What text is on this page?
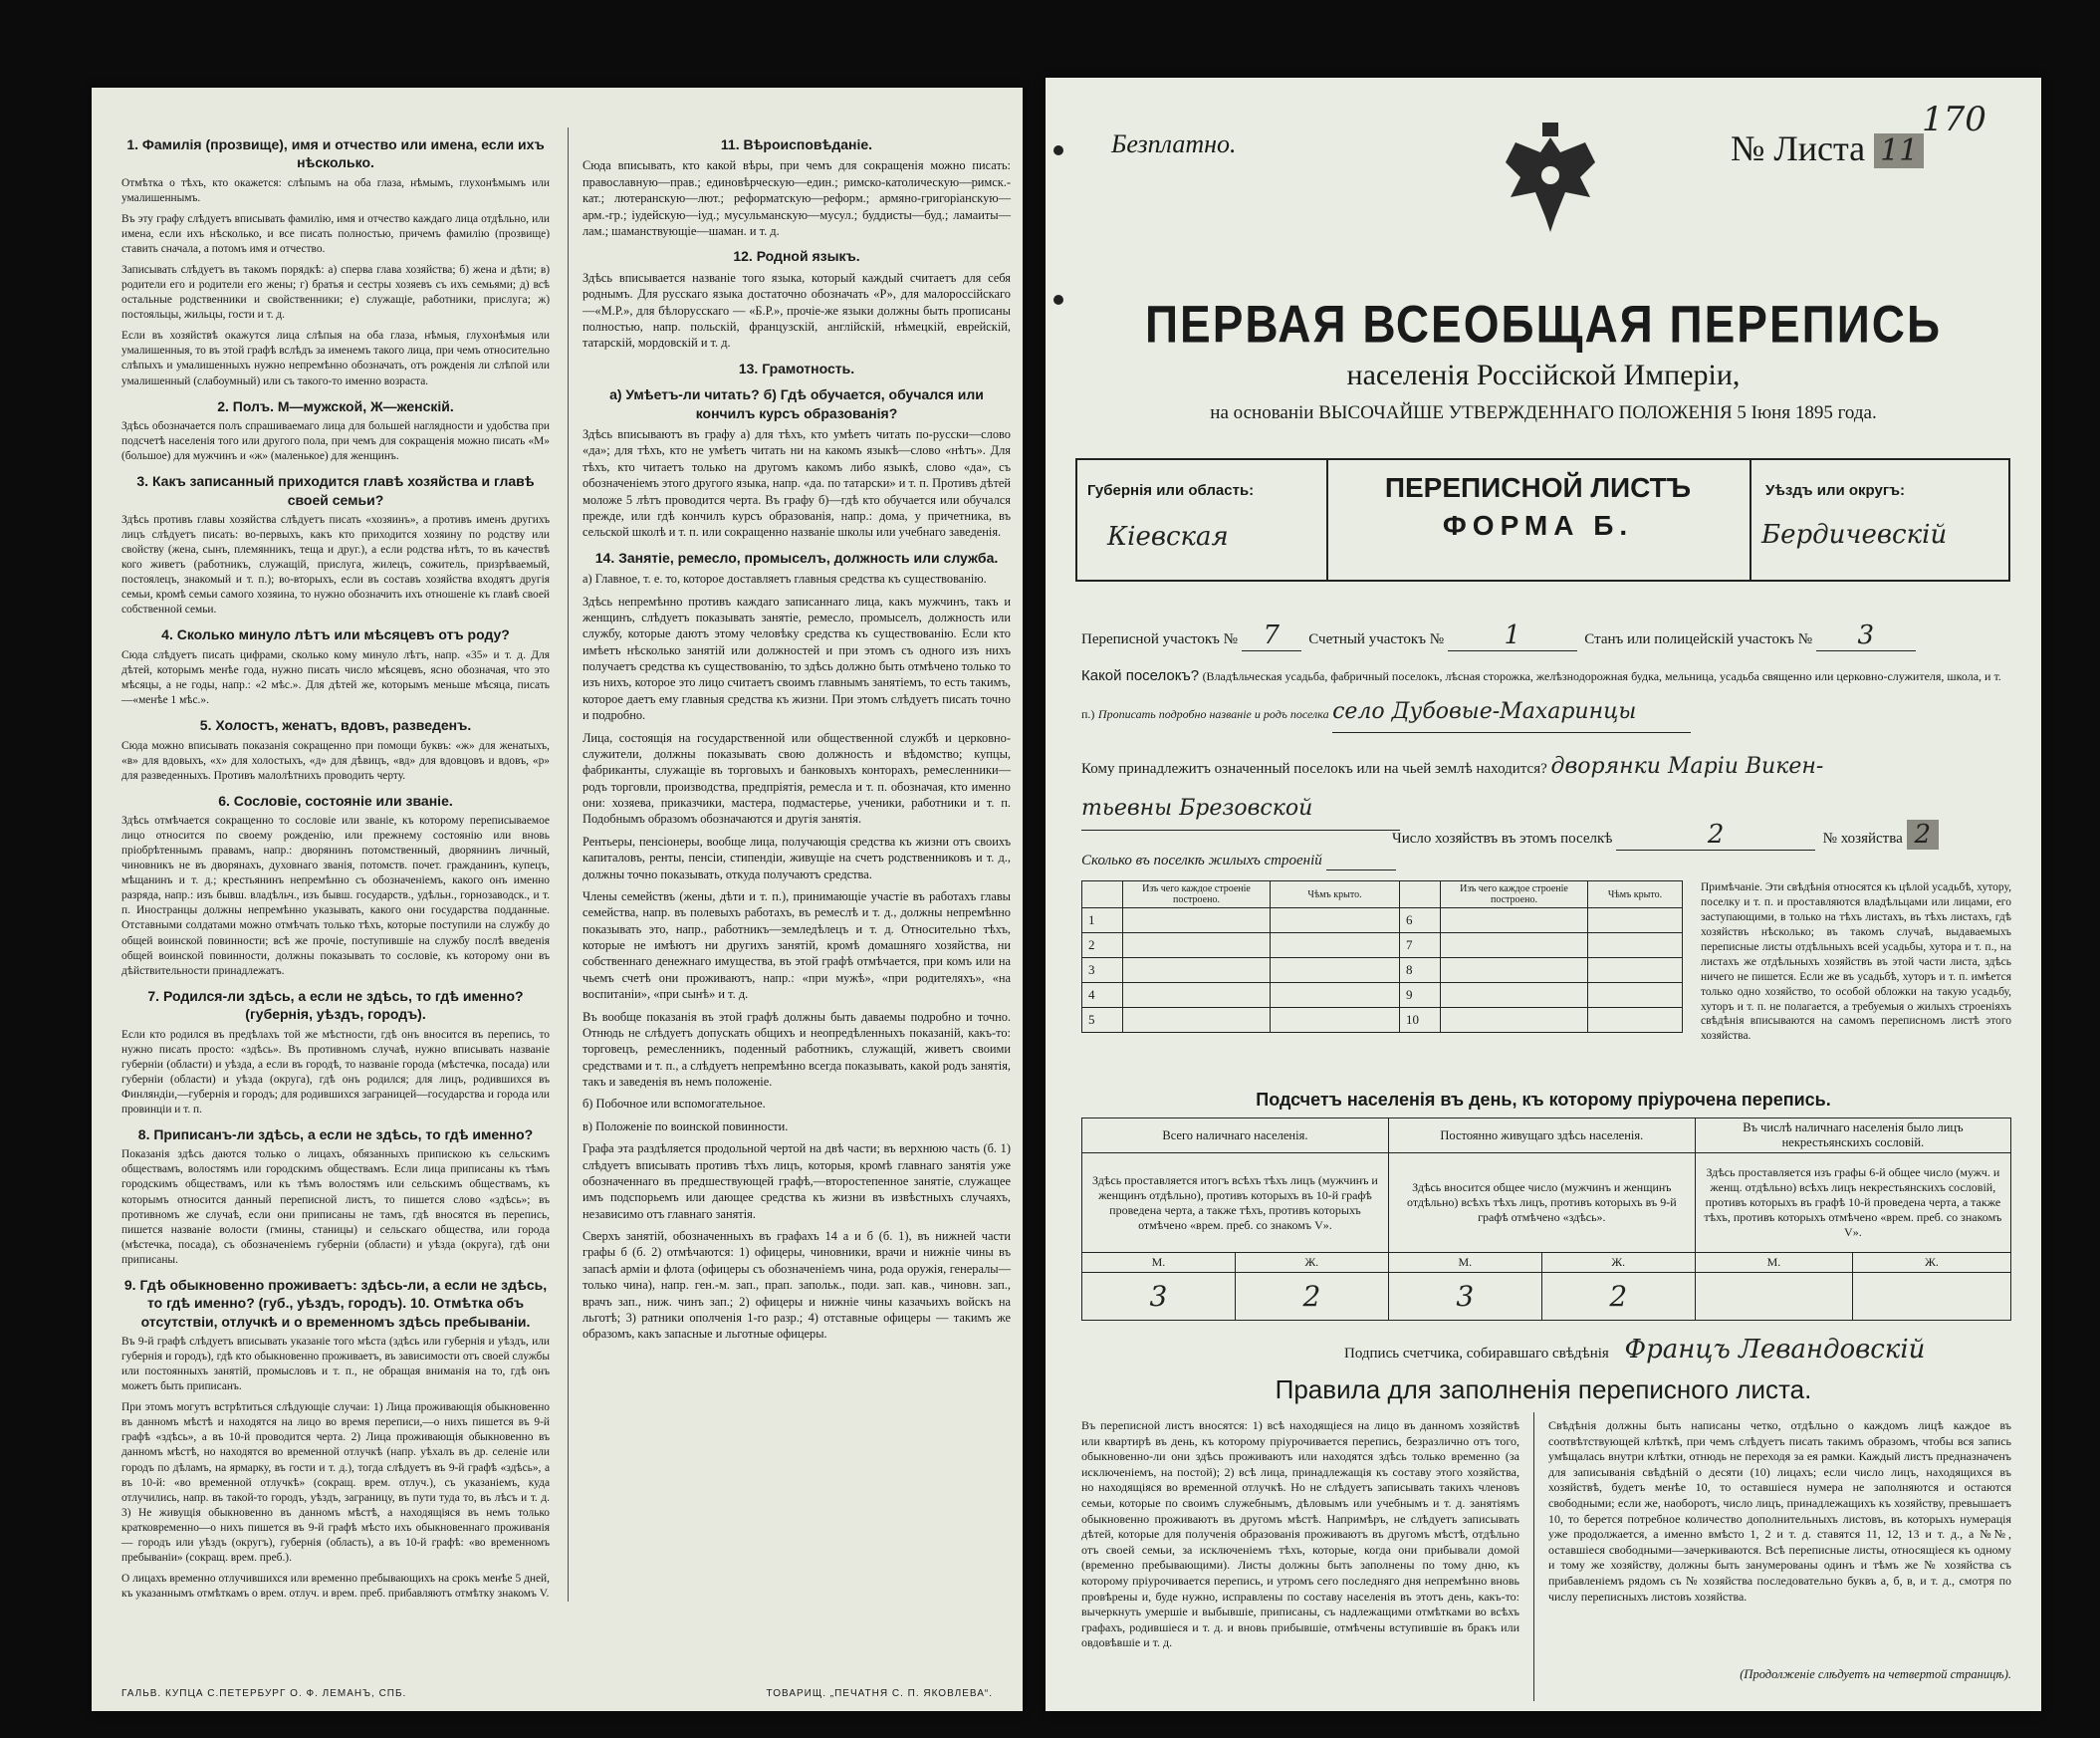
1. Фамилія (прозвище), имя и отчество или имена, если ихъ нѣсколько.

Отмѣтка о тѣхъ, кто окажется: слѣпымъ на оба глаза, нѣмымъ, глухонѣмымъ или умалишеннымъ.

Въ эту графу слѣдуетъ вписывать фамилію, имя и отчество каждаго лица отдѣльно, или имена, если ихъ нѣсколько, и все писать полностью, причемъ фамилію (прозвище) ставить сначала, а потомъ имя и отчество.

Записывать слѣдуетъ въ такомъ порядкѣ: а) сперва глава хозяйства; б) жена и дѣти; в) родители его и родители его жены; г) братья и сестры хозяевъ съ ихъ семьями; д) всѣ остальные родственники и свойственники; е) служащіе, работники, прислуга; ж) постояльцы, жильцы, гости и т. д.

Если въ хозяйствѣ окажутся лица слѣпыя на оба глаза, нѣмыя, глухонѣмыя или умалишенныя, то въ этой графѣ вслѣдъ за именемъ такого лица, при чемъ относительно слѣпыхъ и умалишенныхъ нужно непремѣнно обозначать, отъ рожденія ли слѣпой или умалишенный (слабоумный) или съ такого-то именно возраста.

2. Полъ. М—мужской, Ж—женскій.

Здѣсь обозначается полъ спрашиваемаго лица для большей наглядности и удобства при подсчетѣ населенія того или другого пола, при чемъ для сокращенія можно писать «М» (большое) для мужчинъ и «ж» (маленькое) для женщинъ.

3. Какъ записанный приходится главѣ хозяйства и главѣ своей семьи?

Здѣсь противъ главы хозяйства слѣдуетъ писать «хозяинъ», а противъ именъ другихъ лицъ слѣдуетъ писать: во-первыхъ, какъ кто приходится хозяину по родству или свойству (жена, сынъ, племянникъ, теща и друг.), а если родства нѣтъ, то въ качествѣ кого живетъ (работникъ, служащій, прислуга, жилецъ, сожитель, призрѣваемый, постоялецъ, знакомый и т. п.); во-вторыхъ, если въ составъ хозяйства входятъ другія семьи, кромѣ семьи самого хозяина, то нужно обозначить ихъ отношеніе къ главѣ своей собственной семьи.

4. Сколько минуло лѣтъ или мѣсяцевъ отъ роду?

Сюда слѣдуетъ писать цифрами, сколько кому минуло лѣтъ, напр. «35» и т. д. Для дѣтей, которымъ менѣе года, нужно писать число мѣсяцевъ, ясно обозначая, что это мѣсяцы, а не годы, напр.: «2 мѣс.». Для дѣтей же, которымъ меньше мѣсяца, писать—«менѣе 1 мѣс.».

5. Холостъ, женатъ, вдовъ, разведенъ.

Сюда можно вписывать показанія сокращенно при помощи буквъ: «ж» для женатыхъ, «в» для вдовыхъ, «х» для холостыхъ, «д» для дѣвицъ, «вд» для вдовцовъ и вдовъ, «р» для разведенныхъ. Противъ малолѣтнихъ проводить черту.

6. Сословіе, состояніе или званіе.

Здѣсь отмѣчается сокращенно то сословіе или званіе, къ которому переписываемое лицо относится по своему рожденію, или прежнему состоянію или вновь пріобрѣтеннымъ правамъ, напр.: дворянинъ потомственный, дворянинъ личный, чиновникъ не въ дворянахъ, духовнаго званія, потомств. почет. гражданинъ, купецъ, мѣщанинъ и т. д.; крестьянинъ непремѣнно съ обозначеніемъ, какого онъ именно разряда, напр.: изъ бывш. владѣльч., изъ бывш. государств., удѣльн., горнозаводск., и т. п. Иностранцы должны непремѣнно указывать, какого они государства подданные. Отставными солдатами можно отмѣчать только тѣхъ, которые поступили на службу до общей воинской повинности; всѣ же прочіе, поступившіе на службу послѣ введенія общей воинской повинности, должны показывать то сословіе, къ которому они въ дѣйствительности принадлежатъ.

7. Родился-ли здѣсь, а если не здѣсь, то гдѣ именно? (губернія, уѣздъ, городъ).

Если кто родился въ предѣлахъ той же мѣстности, гдѣ онъ вносится въ перепись, то нужно писать просто: «здѣсь». Въ противномъ случаѣ, нужно вписывать названіе губерніи (области) и уѣзда, а если въ городѣ, то названіе города (мѣстечка, посада) или губерніи (области) и уѣзда (округа), гдѣ онъ родился; для лицъ, родившихся въ Финляндіи,—губернія и городъ; для родившихся заграницей—государства и города или провинціи и т. п.

8. Приписанъ-ли здѣсь, а если не здѣсь, то гдѣ именно?

Показанія здѣсь даются только о лицахъ, обязанныхъ припискою къ сельскимъ обществамъ, волостямъ или городскимъ обществамъ. Если лица приписаны къ тѣмъ городскимъ обществамъ, или къ тѣмъ волостямъ или сельскимъ обществамъ, къ которымъ относится данный переписной листъ, то пишется слово «здѣсь»; въ противномъ же случаѣ, если они приписаны не тамъ, гдѣ вносятся въ перепись, пишется названіе волости (гмины, станицы) и сельскаго общества, или города (мѣстечка, посада), съ обозначеніемъ губерніи (области) и уѣзда (округа), гдѣ они приписаны.

9. Гдѣ обыкновенно проживаетъ: здѣсь-ли, а если не здѣсь, то гдѣ именно? (губ., уѣздъ, городъ). 10. Отмѣтка объ отсутствіи, отлучкѣ и о временномъ здѣсь пребываніи.

Въ 9-й графѣ слѣдуетъ вписывать указаніе того мѣста (здѣсь или губернія и уѣздъ, или губернія и городъ), гдѣ кто обыкновенно проживаетъ, въ зависимости отъ своей службы или постоянныхъ занятій, промысловъ и т. п., не обращая вниманія на то, гдѣ онъ можетъ быть приписанъ.

При этомъ могутъ встрѣтиться слѣдующіе случаи: 1) Лица проживающія обыкновенно въ данномъ мѣстѣ и находятся на лицо во время переписи,—о нихъ пишется въ 9-й графѣ «здѣсь», а въ 10-й проводится черта. 2) Лица проживающія обыкновенно въ данномъ мѣстѣ, но находятся во временной отлучкѣ (напр. уѣхалъ въ др. селеніе или городъ по дѣламъ, на ярмарку, въ гости и т. д.), тогда слѣдуетъ въ 9-й графѣ «здѣсь», а въ 10-й: «во временной отлучкѣ» (сокращ. врем. отлуч.), съ указаніемъ, куда отлучились, напр. въ такой-то городъ, уѣздъ, заграницу, въ пути туда то, въ лѣсъ и т. д. 3) Не живущія обыкновенно въ данномъ мѣстѣ, а находящіяся въ немъ только кратковременно—о нихъ пишется въ 9-й графѣ мѣсто ихъ обыкновеннаго проживанія — городъ или уѣздъ (округъ), губернія (область), а въ 10-й графѣ: «во временномъ пребываніи» (сокращ. врем. преб.).

О лицахъ временно отлучившихся или временно пребывающихъ на срокъ менѣе 5 дней, къ указаннымъ отмѣткамъ о врем. отлуч. и врем. преб. прибавляютъ отмѣтку знакомъ V.

11. Вѣроисповѣданіе.

Сюда вписывать, кто какой вѣры, при чемъ для сокращенія можно писать: православную—прав.; единовѣрческую—един.; римско-католическую—римск.-кат.; лютеранскую—лют.; реформатскую—реформ.; армяно-григоріанскую—арм.-гр.; іудейскую—іуд.; мусульманскую—мусул.; буддисты—буд.; ламаиты—лам.; шаманствующіе—шаман. и т. д.

12. Родной языкъ.

Здѣсь вписывается названіе того языка, который каждый считаетъ для себя роднымъ. Для русскаго языка достаточно обозначать «Р», для малороссійскаго—«М.Р.», для бѣлорусскаго — «Б.Р.», прочіе-же языки должны быть прописаны полностью, напр. польскій, французскій, англійскій, нѣмецкій, еврейскій, татарскій, мордовскій и т. д.

13. Грамотность.
а) Умѣетъ-ли читать? б) Гдѣ обучается, обучался или кончилъ курсъ образованія?

Здѣсь вписываютъ въ графу а) для тѣхъ, кто умѣетъ читать по-русски—слово «да»; для тѣхъ, кто не умѣетъ читать ни на какомъ языкѣ—слово «нѣтъ». Для тѣхъ, кто читаетъ только на другомъ какомъ либо языкѣ, слово «да», съ обозначеніемъ этого другого языка, напр. «да. по татарски» и т. п. Противъ дѣтей моложе 5 лѣтъ проводится черта. Въ графу б)—гдѣ кто обучается или обучался прежде, или гдѣ кончилъ курсъ образованія, напр.: дома, у причетника, въ сельской школѣ и т. п. или сокращенно названіе школы или учебнаго заведенія.

14. Занятіе, ремесло, промыселъ, должность или служба.

а) Главное, т. е. то, которое доставляетъ главныя средства къ существованію.

Здѣсь непремѣнно противъ каждаго записаннаго лица, какъ мужчинъ, такъ и женщинъ, слѣдуетъ показывать занятіе, ремесло, промыселъ, должность или службу, которые даютъ этому человѣку средства къ существованію. Если кто имѣетъ нѣсколько занятій или должностей и при этомъ съ одного изъ нихъ получаетъ средства къ существованію, то здѣсь должно быть отмѣчено только то изъ нихъ, которое это лицо считаетъ своимъ главнымъ занятіемъ, то есть такимъ, которое даетъ ему главныя средства къ жизни. При этомъ слѣдуетъ писать точно и подробно.

Лица, состоящія на государственной или общественной службѣ и церковно-служители, должны показывать свою должность и вѣдомство; купцы, фабриканты, служащіе въ торговыхъ и банковыхъ конторахъ, ремесленники—родъ торговли, производства, предпріятія, ремесла и т. п. обозначая, кто именно они: хозяева, приказчики, мастера, подмастерье, ученики, работники и т. п. Подобнымъ образомъ обозначаются и другія занятія.

Рентьеры, пенсіонеры, вообще лица, получающія средства къ жизни отъ своихъ капиталовъ, ренты, пенсіи, стипендіи, живущіе на счетъ родственниковъ и т. д., должны точно показывать, откуда получаютъ средства.

Члены семействъ (жены, дѣти и т. п.), принимающіе участіе въ работахъ главы семейства, напр. въ полевыхъ работахъ, въ ремеслѣ и т. д., должны непремѣнно показывать это, напр., работникъ—земледѣлецъ и т. д. Относительно тѣхъ, которые не имѣютъ ни другихъ занятій, кромѣ домашняго хозяйства, ни собственнаго денежнаго имущества, въ этой графѣ отмѣчается, при комъ или на чьемъ счетѣ они проживаютъ, напр.: «при мужѣ», «при родителяхъ», «на воспитаніи», «при сынѣ» и т. д.

Въ вообще показанія въ этой графѣ должны быть даваемы подробно и точно. Отнюдь не слѣдуетъ допускать общихъ и неопредѣленныхъ показаній, какъ-то: торговецъ, ремесленникъ, поденный работникъ, служащій, живетъ своими средствами и т. п., а слѣдуетъ непремѣнно всегда показывать, какой родъ занятія, такъ и заведенія въ немъ положеніе.

б) Побочное или вспомогательное.

в) Положеніе по воинской повинности.

Графа эта раздѣляется продольной чертой на двѣ части; въ верхнюю часть (б. 1) слѣдуетъ вписывать противъ тѣхъ лицъ, которыя, кромѣ главнаго занятія уже обозначеннаго въ предшествующей графѣ,—второстепенное занятіе, служащее имъ подспорьемъ или дающее средства къ жизни въ извѣстныхъ случаяхъ, независимо отъ главнаго занятія.

Сверхъ занятій, обозначенныхъ въ графахъ 14 а и б (б. 1), въ нижней части графы б (б. 2) отмѣчаются: 1) офицеры, чиновники, врачи и нижніе чины въ запасѣ арміи и флота (офицеры съ обозначеніемъ чина, рода оружія, генералы—только чина), напр. ген.-м. зап., прап. запольк., поди. зап. кав., чиновн. зап., врачъ зап., ниж. чинъ зап.; 2) офицеры и нижніе чины казачьихъ войскъ на льготѣ; 3) ратники ополченія 1-го разр.; 4) отставные офицеры — такимъ же образомъ, какъ запасные и льготные офицеры.

ГАЛЬВ. КУПЦА С.ПЕТЕРБУРГ О. Ф. ЛЕМАНЪ, СПБ.	ТОВАРИЩ. „ПЕЧАТНЯ С. П. ЯКОВЛЕВА“.
Безплатно.	№ Листа 11
170
ПЕРВАЯ ВСЕОБЩАЯ ПЕРЕПИСЬ
населенія Россійской Имперіи,
на основаніи ВЫСОЧАЙШЕ УТВЕРЖДЕННАГО ПОЛОЖЕНІЯ 5 Іюня 1895 года.
Губернія или область:
Кiевская
ПЕРЕПИСНОЙ ЛИСТЪ
ФОРМА Б.
Уѣздъ или округъ:
Бердичевскiй
Переписной участокъ № 7 Счетный участокъ № 1	Станъ или полицейскій участокъ № 3
Какой поселокъ? (Владѣльческая усадьба, фабричный поселокъ, лѣсная сторожка, желѣзнодорожная будка, мельница, усадьба священно или церковно-служителя, школа, и т. п.) Прописать подробно названіе и родъ поселка село Дубовые-Махаринцы
Кому принадлежитъ означенный поселокъ или на чьей землѣ находится? дворянки Марiи Викен-
тьевны Брезовской
Число хозяйствъ въ этомъ поселкѣ	2	№ хозяйства 2
Сколько въ поселкѣ жилыхъ строеній
	Изъ чего каждое строеніе построено.	Чѣмъ крыто.		Изъ чего каждое строеніе построено.	Чѣмъ крыто.
1			6		
2			7		
3			8		
4			9		
5			10		
Примѣчаніе. Эти свѣдѣнія относятся къ цѣлой усадьбѣ, хутору, поселку и т. п. и проставляются владѣльцами или лицами, его заступающими, в только на тѣхъ листахъ, въ тѣхъ листахъ, гдѣ хозяйствъ нѣсколько; въ такомъ случаѣ, выдаваемыхъ переписные листы отдѣльныхъ всей усадьбы, хутора и т. п., на листахъ же отдѣльныхъ хозяйствъ въ этой части листа, здѣсь ничего не пишется. Если же въ усадьбѣ, хуторъ и т. п. имѣется только одно хозяйство, то особой обложки на такую усадьбу, хуторъ и т. п. не полагается, а требуемыя о жилыхъ строеніяхъ свѣдѣнія вписываются на самомъ переписномъ листѣ этого хозяйства.
Подсчетъ населенія въ день, къ которому пріурочена перепись.
Всего наличнаго населенія.		Постоянно живущаго здѣсь населенія.		Въ числѣ наличнаго населенія было лицъ некрестьянскихъ сословій.	
Здѣсь проставляется итогъ всѣхъ тѣхъ лицъ (мужчинъ и женщинъ отдѣльно), противъ которыхъ въ 10-й графѣ проведена черта, а также тѣхъ, противъ которыхъ отмѣчено «врем. преб. со знакомъ V».		Здѣсь вносится общее число (мужчинъ и женщинъ отдѣльно) всѣхъ тѣхъ лицъ, противъ которыхъ въ 9-й графѣ отмѣчено «здѣсь».		Здѣсь проставляется изъ графы 6-й общее число (мужч. и женщ. отдѣльно) всѣхъ лицъ некрестьянскихъ сословій, противъ которыхъ въ графѣ 10-й проведена черта, а также тѣхъ, противъ которыхъ отмѣчено «врем. преб. со знакомъ V».	
М.	Ж.	М.	Ж.	М.	Ж.
3	2	3	2		
Подпись счетчика, собиравшаго свѣдѣнія Францъ Левандовскiй
Правила для заполненія переписного листа.
Въ переписной листъ вносятся: 1) всѣ находящіеся на лицо въ данномъ хозяйствѣ или квартирѣ въ день, къ которому пріурочивается перепись, безразлично отъ того, обыкновенно-ли они здѣсь проживаютъ или находятся здѣсь только временно (за исключеніемъ, на постой); 2) всѣ лица, принадлежащія къ составу этого хозяйства, но находящіяся во временной отлучкѣ. Но не слѣдуетъ записывать такихъ членовъ семьи, которые по своимъ служебнымъ, дѣловымъ или учебнымъ и т. д. занятіямъ обыкновенно проживаютъ въ другомъ мѣстѣ. Напримѣръ, не слѣдуетъ записывать дѣтей, которые для полученія образованія проживаютъ въ другомъ мѣстѣ, отдѣльно отъ своей семьи, за исключеніемъ тѣхъ, которые, когда они прибывали домой (временно пребывающими). Листы должны быть заполнены по тому дню, къ которому пріурочивается перепись, и утромъ сего последняго дня непремѣнно вновь провѣрены и, буде нужно, исправлены по составу населенія въ этотъ день, какъ-то: вычеркнуть умершіе и выбывшіе, приписаны, съ надлежащими отмѣтками во всѣхъ графахъ, родившіеся и т. д. и вновь прибывшіе, отмѣчены вступившіе въ бракъ или овдовѣвшіе и т. д.
Свѣдѣнія должны быть написаны четко, отдѣльно о каждомъ лицѣ каждое въ соотвѣтствующей клѣткѣ, при чемъ слѣдуетъ писать такимъ образомъ, чтобы вся запись умѣщалась внутри клѣтки, отнюдь не переходя за ея рамки. Каждый листъ предназначенъ для записыванія свѣдѣній о десяти (10) лицахъ; если число лицъ, находящихся въ хозяйствѣ, будетъ менѣе 10, то оставшіеся нумера не заполняются и остаются свободными; если же, наоборотъ, число лицъ, принадлежащихъ къ хозяйству, превышаетъ 10, то берется потребное количество дополнительныхъ листовъ, въ которыхъ нумерація уже продолжается, а именно вмѣсто 1, 2 и т. д. ставятся 11, 12, 13 и т. д., а №№, оставшіеся свободными—зачеркиваются. Всѣ переписные листы, относящіеся къ одному и тому же хозяйству, должны быть занумерованы одинъ и тѣмъ же № хозяйства съ прибавленіемъ рядомъ съ № хозяйства последовательно буквъ а, б, в, и т. д., смотря по числу переписныхъ листовъ хозяйства.
(Продолженіе слѣдуетъ на четвертой страницѣ).
